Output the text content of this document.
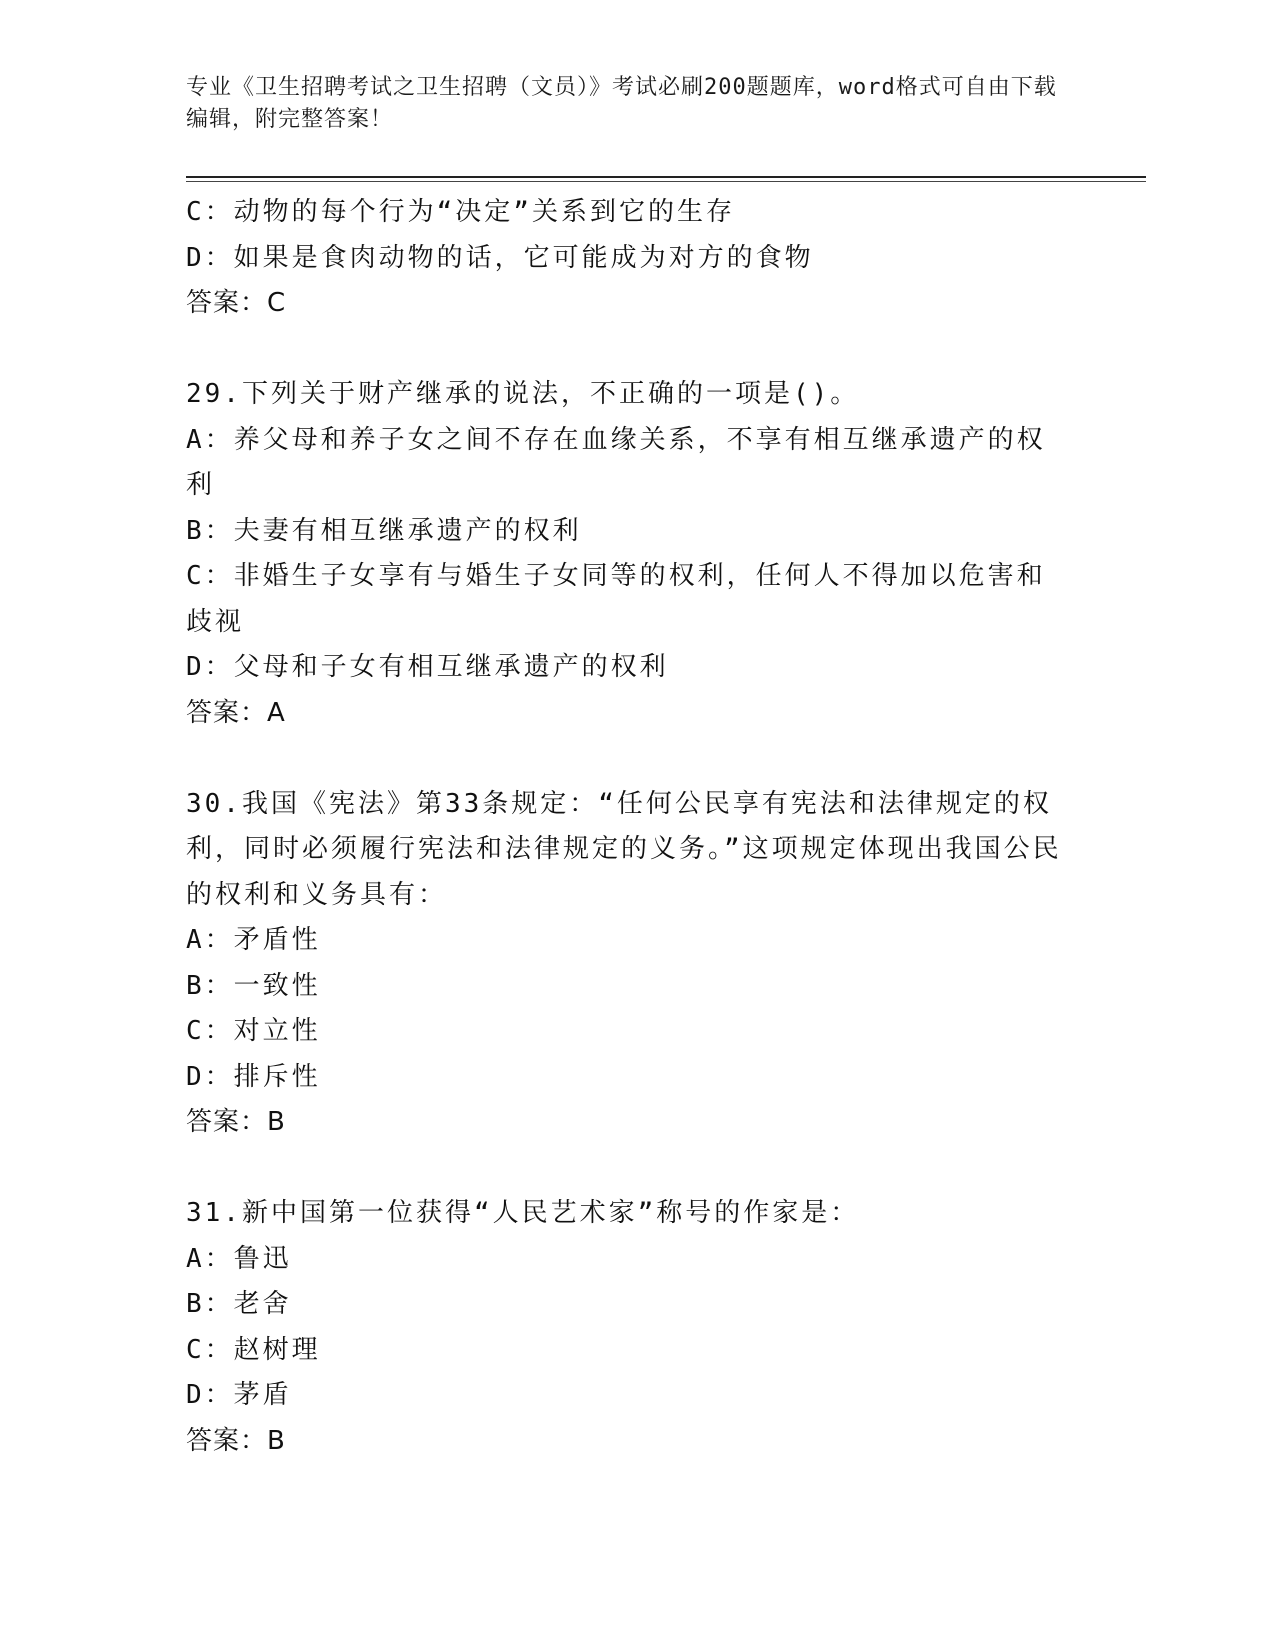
专业《卫生招聘考试之卫生招聘（文员）》考试必刷200题题库，word格式可自由下载编辑，附完整答案！

C：动物的每个行为“决定”关系到它的生存

D：如果是食肉动物的话，它可能成为对方的食物

答案：C

29.下列关于财产继承的说法，不正确的一项是()。

A：养父母和养子女之间不存在血缘关系，不享有相互继承遗产的权利

B：夫妻有相互继承遗产的权利

C：非婚生子女享有与婚生子女同等的权利，任何人不得加以危害和歧视

D：父母和子女有相互继承遗产的权利

答案：A

30.我国《宪法》第33条规定：“任何公民享有宪法和法律规定的权利，同时必须履行宪法和法律规定的义务。”这项规定体现出我国公民的权利和义务具有：

A：矛盾性

B：一致性

C：对立性

D：排斥性

答案：B

31.新中国第一位获得“人民艺术家”称号的作家是：

A：鲁迅

B：老舍

C：赵树理

D：茅盾

答案：B
